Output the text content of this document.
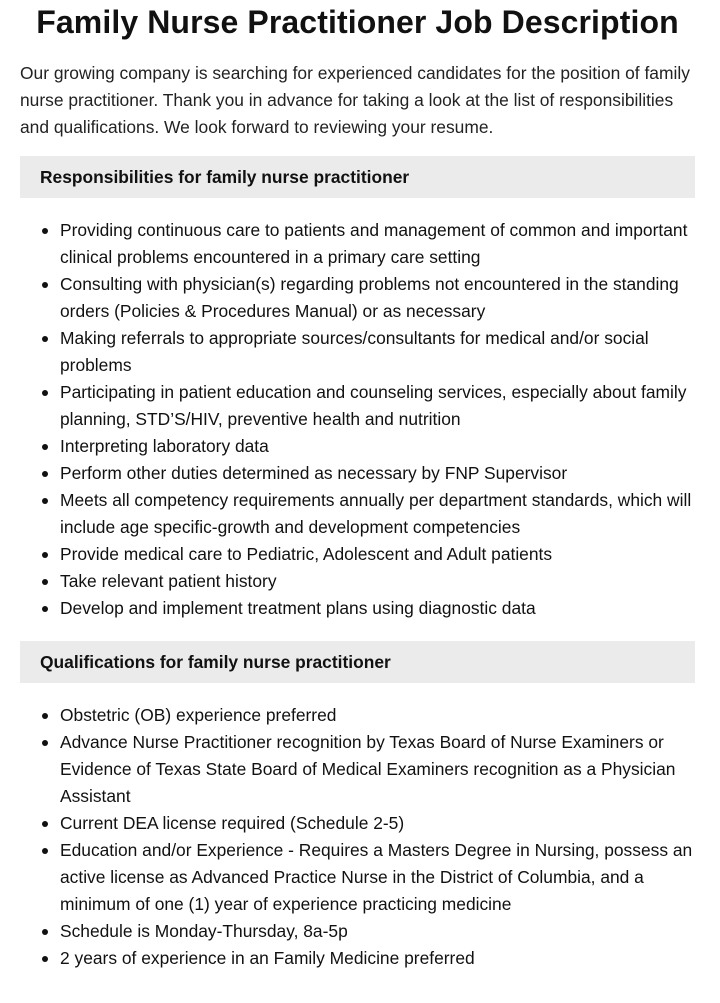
Family Nurse Practitioner Job Description

Our growing company is searching for experienced candidates for the position of family nurse practitioner. Thank you in advance for taking a look at the list of responsibilities and qualifications. We look forward to reviewing your resume.

Responsibilities for family nurse practitioner
Providing continuous care to patients and management of common and important clinical problems encountered in a primary care setting
Consulting with physician(s) regarding problems not encountered in the standing orders (Policies & Procedures Manual) or as necessary
Making referrals to appropriate sources/consultants for medical and/or social problems
Participating in patient education and counseling services, especially about family planning, STD’S/HIV, preventive health and nutrition
Interpreting laboratory data
Perform other duties determined as necessary by FNP Supervisor
Meets all competency requirements annually per department standards, which will include age specific-growth and development competencies
Provide medical care to Pediatric, Adolescent and Adult patients
Take relevant patient history
Develop and implement treatment plans using diagnostic data
Qualifications for family nurse practitioner
Obstetric (OB) experience preferred
Advance Nurse Practitioner recognition by Texas Board of Nurse Examiners or Evidence of Texas State Board of Medical Examiners recognition as a Physician Assistant
Current DEA license required (Schedule 2-5)
Education and/or Experience - Requires a Masters Degree in Nursing, possess an active license as Advanced Practice Nurse in the District of Columbia, and a minimum of one (1) year of experience practicing medicine
Schedule is Monday-Thursday, 8a-5p
2 years of experience in an Family Medicine preferred
